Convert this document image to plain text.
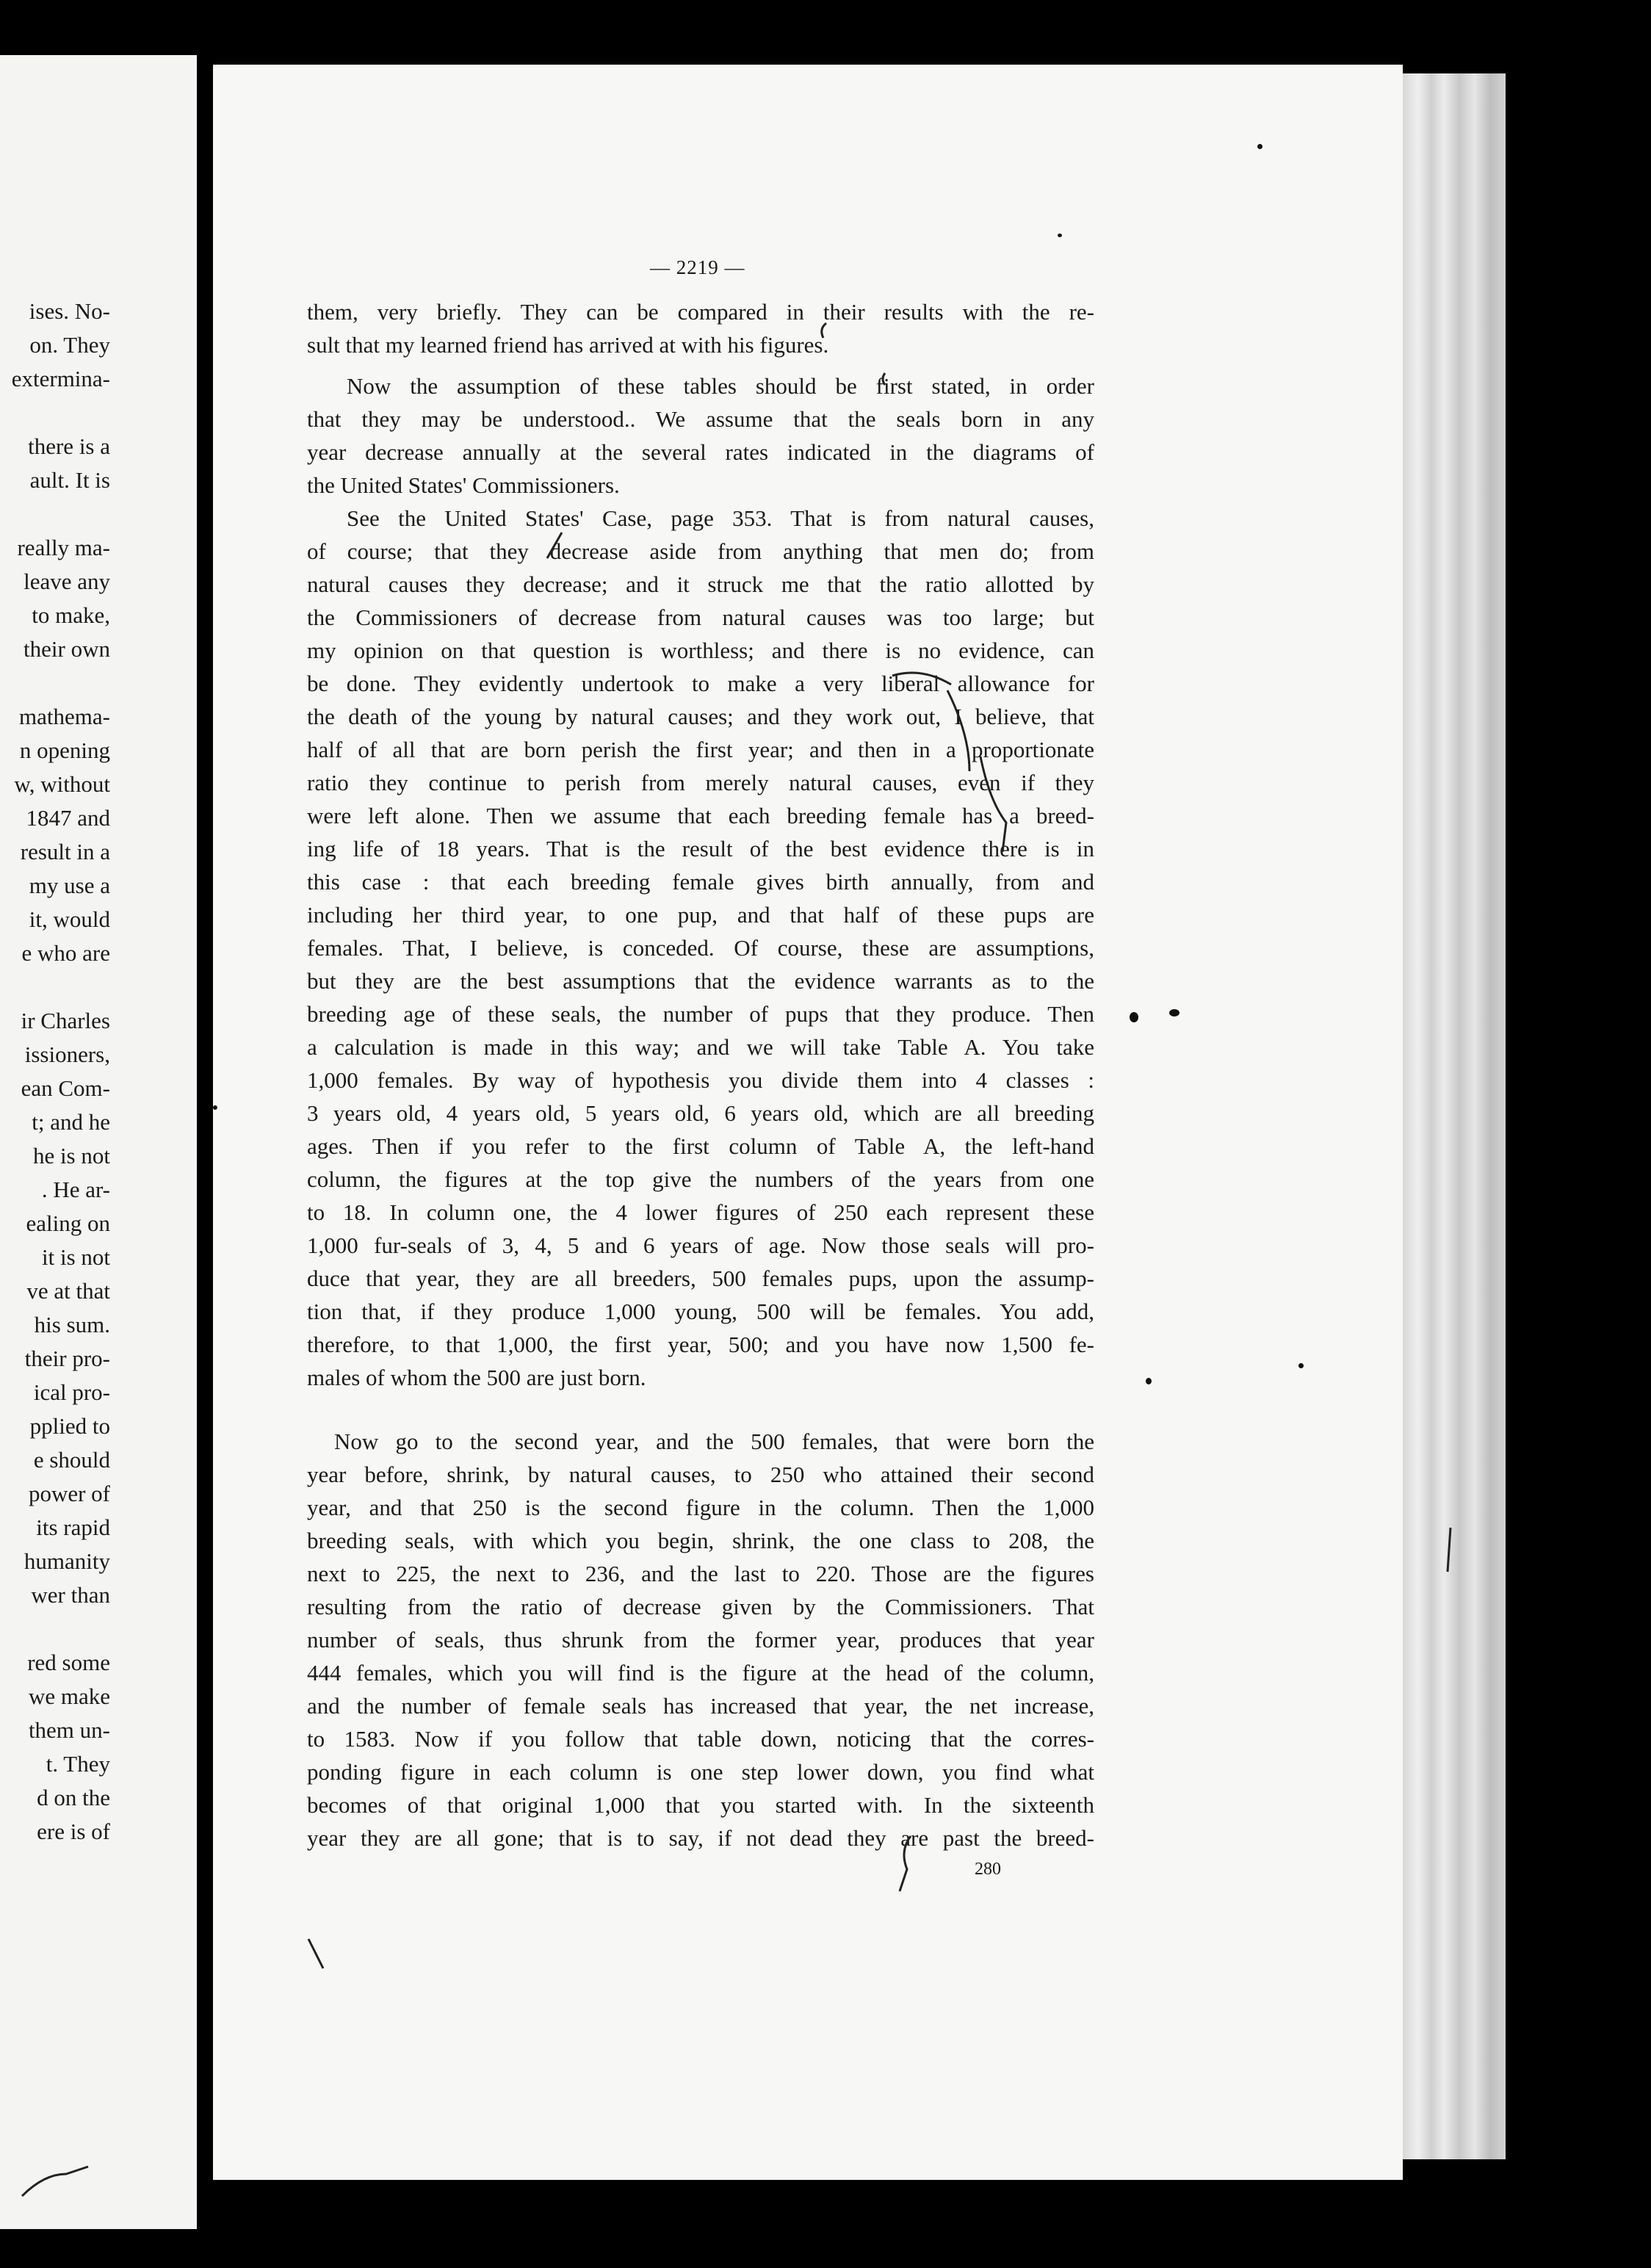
ises. No-
on. They
extermina-
there is a
ault. It is
really ma-
leave any
to make,
their own
mathema-
n opening
w, without
1847 and
result in a
my use a
it, would
e who are
ir Charles
issioners,
ean Com-
t; and he
he is not
. He ar-
ealing on
it is not
ve at that
his sum.
their pro-
ical pro-
pplied to
e should
power of
its rapid
humanity
wer than
red some
we make
them un-
t. They
d on the
ere is of
— 2219 —
them, very briefly. They can be compared in their results with the re-
sult that my learned friend has arrived at with his figures.
Now the assumption of these tables should be first stated, in order
that they may be understood.. We assume that the seals born in any
year decrease annually at the several rates indicated in the diagrams of
the United States' Commissioners.
See the United States' Case, page 353. That is from natural causes,
of course; that they decrease aside from anything that men do; from
natural causes they decrease; and it struck me that the ratio allotted by
the Commissioners of decrease from natural causes was too large; but
my opinion on that question is worthless; and there is no evidence, can
be done. They evidently undertook to make a very liberal allowance for
the death of the young by natural causes; and they work out, I believe, that
half of all that are born perish the first year; and then in a proportionate
ratio they continue to perish from merely natural causes, even if they
were left alone. Then we assume that each breeding female has a breed-
ing life of 18 years. That is the result of the best evidence there is in
this case : that each breeding female gives birth annually, from and
including her third year, to one pup, and that half of these pups are
females. That, I believe, is conceded. Of course, these are assumptions,
but they are the best assumptions that the evidence warrants as to the
breeding age of these seals, the number of pups that they produce. Then
a calculation is made in this way; and we will take Table A. You take
1,000 females. By way of hypothesis you divide them into 4 classes :
3 years old, 4 years old, 5 years old, 6 years old, which are all breeding
ages. Then if you refer to the first column of Table A, the left-hand
column, the figures at the top give the numbers of the years from one
to 18. In column one, the 4 lower figures of 250 each represent these
1,000 fur-seals of 3, 4, 5 and 6 years of age. Now those seals will pro-
duce that year, they are all breeders, 500 females pups, upon the assump-
tion that, if they produce 1,000 young, 500 will be females. You add,
therefore, to that 1,000, the first year, 500; and you have now 1,500 fe-
males of whom the 500 are just born.
Now go to the second year, and the 500 females, that were born the
year before, shrink, by natural causes, to 250 who attained their second
year, and that 250 is the second figure in the column. Then the 1,000
breeding seals, with which you begin, shrink, the one class to 208, the
next to 225, the next to 236, and the last to 220. Those are the figures
resulting from the ratio of decrease given by the Commissioners. That
number of seals, thus shrunk from the former year, produces that year
444 females, which you will find is the figure at the head of the column,
and the number of female seals has increased that year, the net increase,
to 1583. Now if you follow that table down, noticing that the corres-
ponding figure in each column is one step lower down, you find what
becomes of that original 1,000 that you started with. In the sixteenth
year they are all gone; that is to say, if not dead they are past the breed-
280
